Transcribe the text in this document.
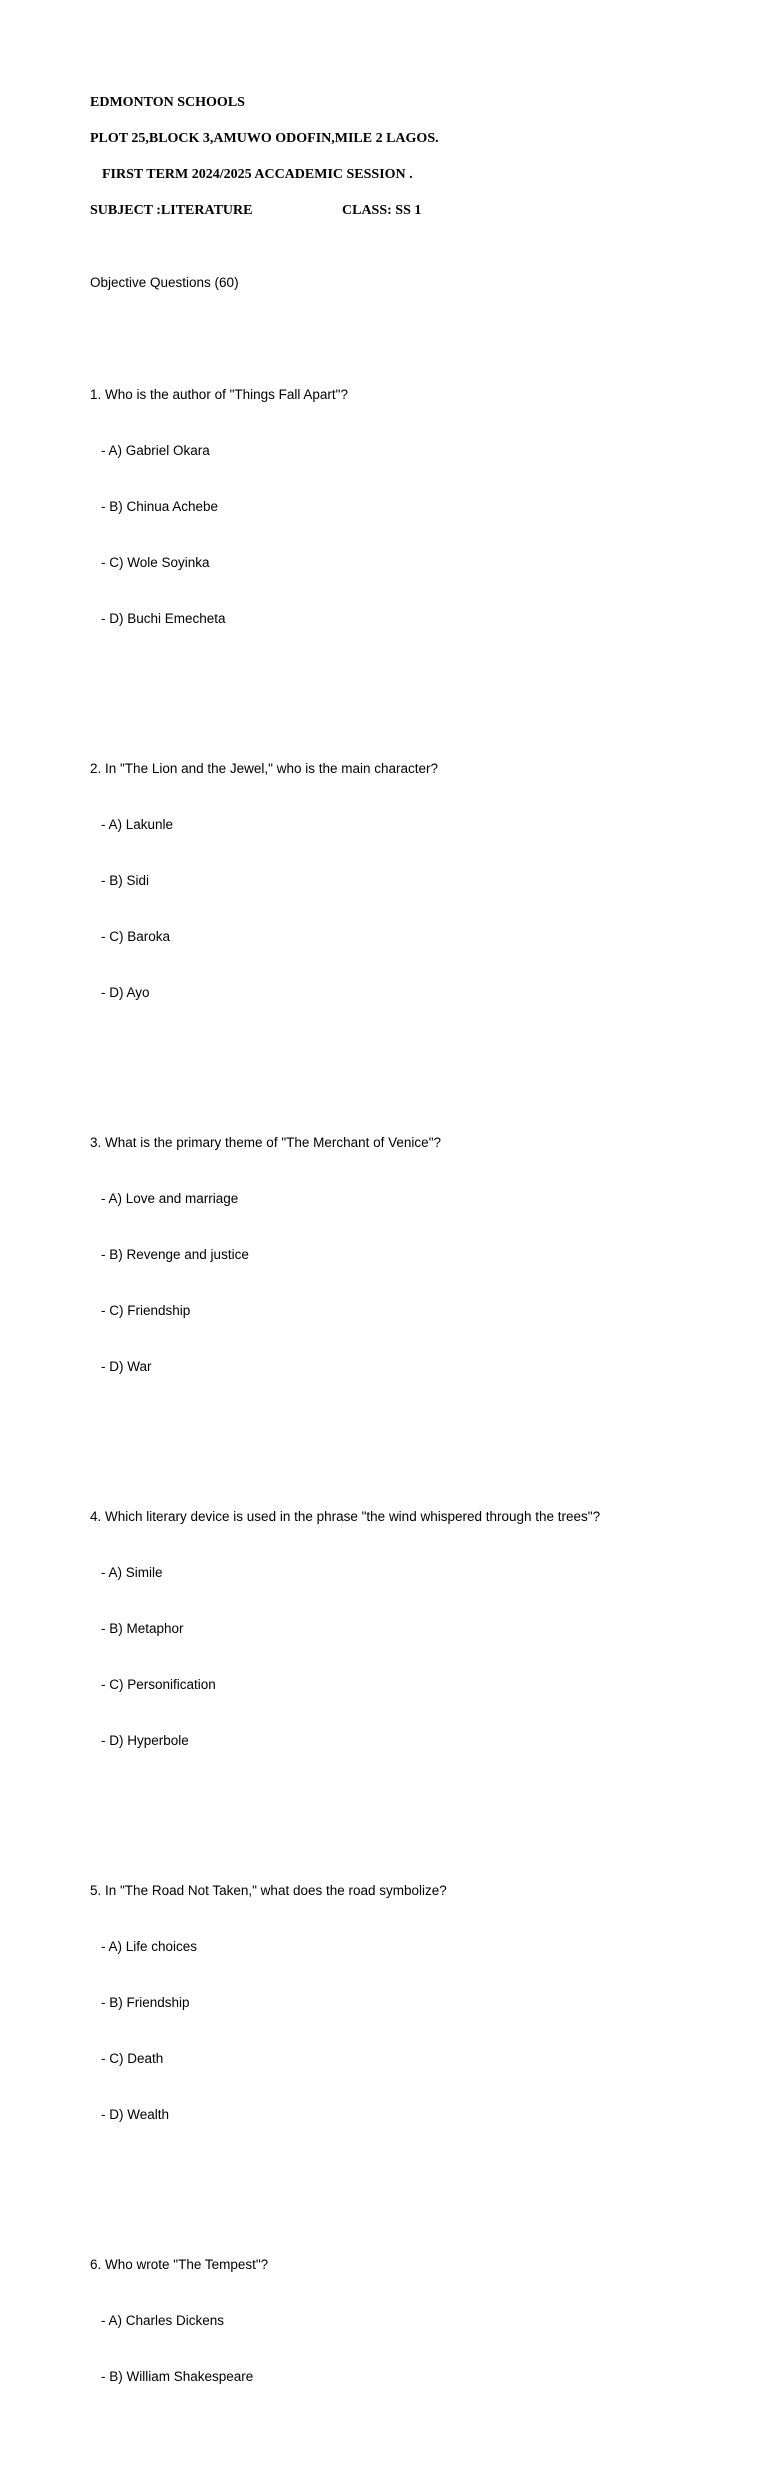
EDMONTON SCHOOLS
PLOT 25,BLOCK 3,AMUWO ODOFIN,MILE 2 LAGOS.
FIRST TERM 2024/2025 ACCADEMIC SESSION .
SUBJECT :LITERATURE	CLASS: SS 1
Objective Questions (60)

1. Who is the author of "Things Fall Apart"?

- A) Gabriel Okara

- B) Chinua Achebe

- C) Wole Soyinka

- D) Buchi Emecheta

2. In "The Lion and the Jewel," who is the main character?

- A) Lakunle

- B) Sidi

- C) Baroka

- D) Ayo

3. What is the primary theme of "The Merchant of Venice"?

- A) Love and marriage

- B) Revenge and justice

- C) Friendship

- D) War

4. Which literary device is used in the phrase "the wind whispered through the trees"?

- A) Simile

- B) Metaphor

- C) Personification

- D) Hyperbole

5. In "The Road Not Taken," what does the road symbolize?

- A) Life choices

- B) Friendship

- C) Death

- D) Wealth

6. Who wrote "The Tempest"?

- A) Charles Dickens

- B) William Shakespeare
